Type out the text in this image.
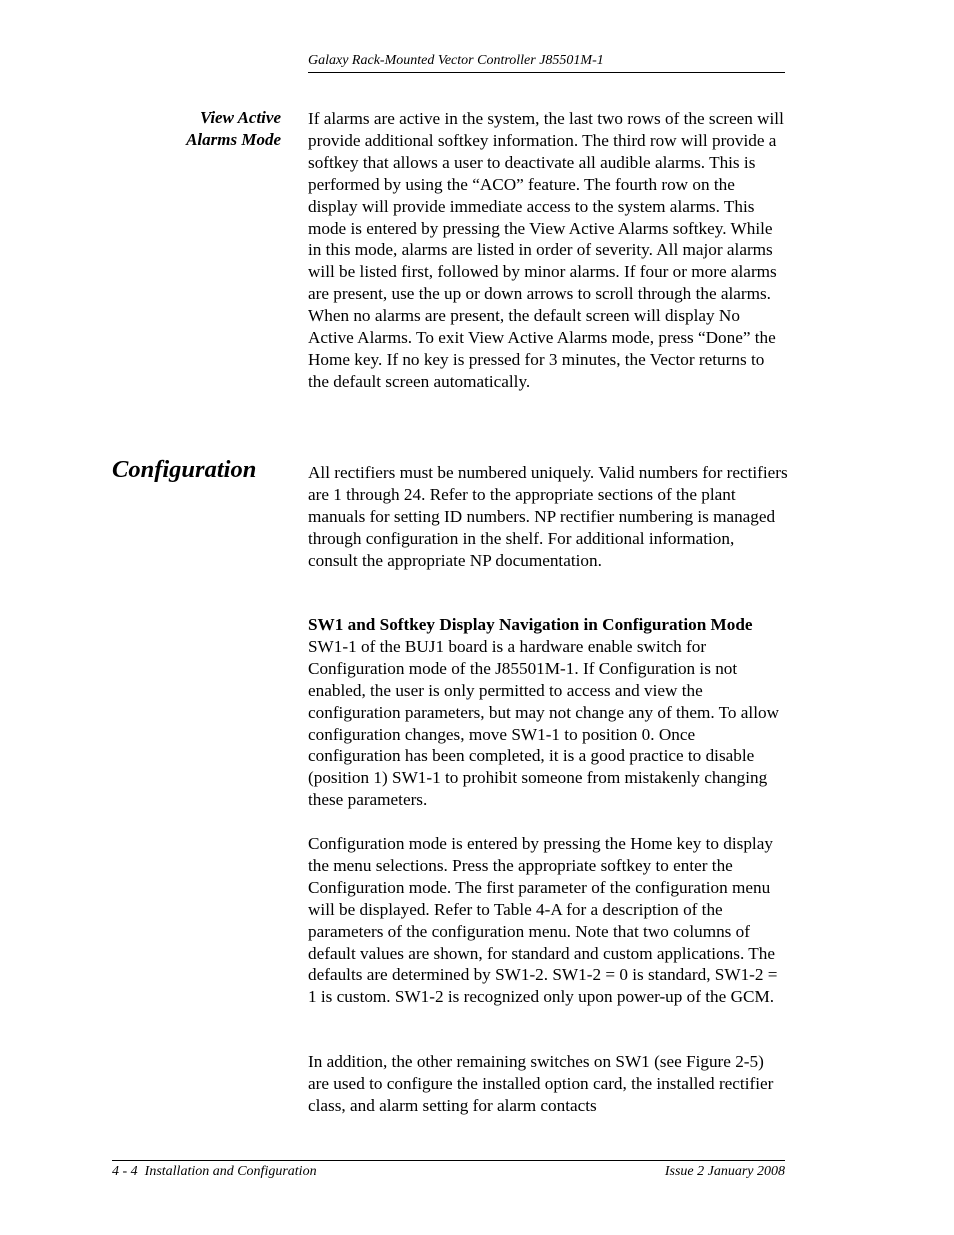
Galaxy Rack-Mounted Vector Controller J85501M-1
View Active
Alarms Mode

If alarms are active in the system, the last two rows of the screen will provide additional softkey information. The third row will provide a softkey that allows a user to deactivate all audible alarms. This is performed by using the “ACO” feature. The fourth row on the display will provide immediate access to the system alarms. This mode is entered by pressing the View Active Alarms softkey. While in this mode, alarms are listed in order of severity. All major alarms will be listed first, followed by minor alarms. If four or more alarms are present, use the up or down arrows to scroll through the alarms. When no alarms are present, the default screen will display No Active Alarms. To exit View Active Alarms mode, press “Done” the Home key. If no key is pressed for 3 minutes, the Vector returns to the default screen automatically.

Configuration	All rectifiers must be numbered uniquely. Valid numbers for rectifiers are 1 through 24. Refer to the appropriate sections of the plant manuals for setting ID numbers. NP rectifier numbering is managed through configuration in the shelf. For additional information, consult the appropriate NP documentation.

SW1 and Softkey Display Navigation in Configuration Mode

SW1-1 of the BUJ1 board is a hardware enable switch for Configuration mode of the J85501M-1. If Configuration is not enabled, the user is only permitted to access and view the configuration parameters, but may not change any of them. To allow configuration changes, move SW1-1 to position 0. Once configuration has been completed, it is a good practice to disable (position 1) SW1-1 to prohibit someone from mistakenly changing these parameters.

Configuration mode is entered by pressing the Home key to display the menu selections. Press the appropriate softkey to enter the Configuration mode. The first parameter of the configuration menu will be displayed. Refer to Table 4-A for a description of the parameters of the configuration menu. Note that two columns of default values are shown, for standard and custom applications. The defaults are determined by SW1-2. SW1-2 = 0 is standard, SW1-2 = 1 is custom. SW1-2 is recognized only upon power-up of the GCM.

In addition, the other remaining switches on SW1 (see Figure 2-5) are used to configure the installed option card, the installed rectifier class, and alarm setting for alarm contacts

4 - 4  Installation and Configuration	Issue 2 January 2008
